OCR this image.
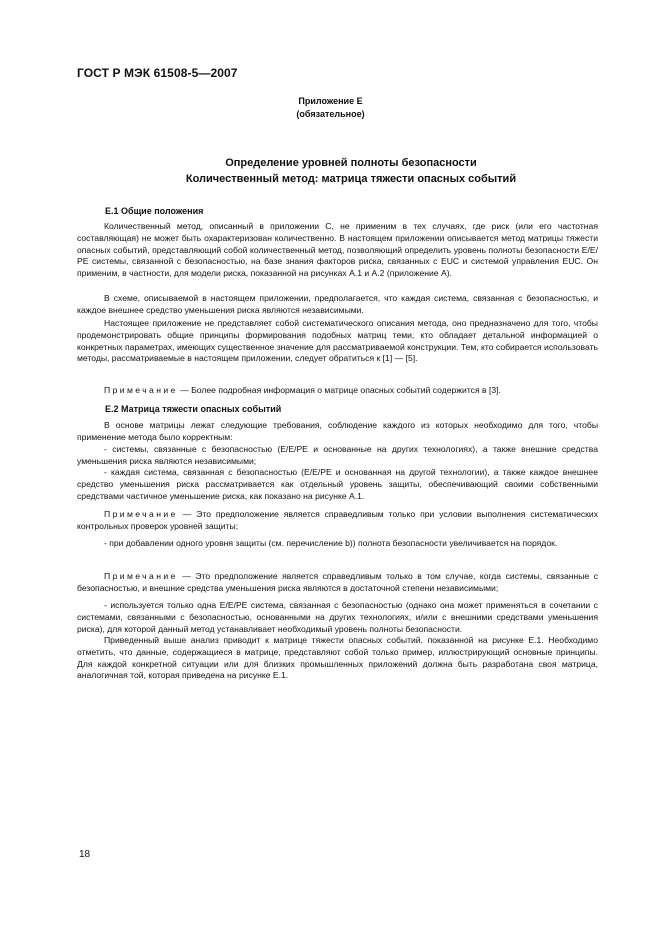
ГОСТ Р МЭК 61508-5—2007
Приложение Е
(обязательное)
Определение уровней полноты безопасности
Количественный метод: матрица тяжести опасных событий
Е.1 Общие положения
Количественный метод, описанный в приложении С, не применим в тех случаях, где риск (или его частотная составляющая) не может быть охарактеризован количественно. В настоящем приложении описывается метод матрицы тяжести опасных событий, представляющий собой количественный метод, позволяющий определить уровень полноты безопасности Е/Е/РЕ системы, связанной с безопасностью, на базе знания факторов риска, связанных с EUC и системой управления EUC. Он применим, в частности, для модели риска, показанной на рисунках А.1 и А.2 (приложение А).
В схеме, описываемой в настоящем приложении, предполагается, что каждая система, связанная с безопасностью, и каждое внешнее средство уменьшения риска являются независимыми.
Настоящее приложение не представляет собой систематического описания метода, оно предназначено для того, чтобы продемонстрировать общие принципы формирования подобных матриц теми, кто обладает детальной информацией о конкретных параметрах, имеющих существенное значение для рассматриваемой конструкции. Тем, кто собирается использовать методы, рассматриваемые в настоящем приложении, следует обратиться к [1] — [5].
Примечание — Более подробная информация о матрице опасных событий содержится в [3].
Е.2 Матрица тяжести опасных событий
В основе матрицы лежат следующие требования, соблюдение каждого из которых необходимо для того, чтобы применение метода было корректным:
- системы, связанные с безопасностью (Е/Е/РЕ и основанные на других технологиях), а также внешние средства уменьшения риска являются независимыми;
- каждая система, связанная с безопасностью (Е/Е/РЕ и основанная на другой технологии), а также каждое внешнее средство уменьшения риска рассматривается как отдельный уровень защиты, обеспечивающий своими собственными средствами частичное уменьшение риска, как показано на рисунке А.1.
Примечание — Это предположение является справедливым только при условии выполнения систематических контрольных проверок уровней защиты;
- при добавлении одного уровня защиты (см. перечисление b)) полнота безопасности увеличивается на порядок.
Примечание — Это предположение является справедливым только в том случае, когда системы, связанные с безопасностью, и внешние средства уменьшения риска являются в достаточной степени независимыми;
- используется только одна Е/Е/РЕ система, связанная с безопасностью (однако она может применяться в сочетании с системами, связанными с безопасностью, основанными на других технологиях, и/или с внешними средствами уменьшения риска), для которой данный метод устанавливает необходимый уровень полноты безопасности.
Приведенный выше анализ приводит к матрице тяжести опасных событий, показанной на рисунке Е.1. Необходимо отметить, что данные, содержащиеся в матрице, представляют собой только пример, иллюстрирующий основные принципы. Для каждой конкретной ситуации или для близких промышленных приложений должна быть разработана своя матрица, аналогичная той, которая приведена на рисунке Е.1.
18
